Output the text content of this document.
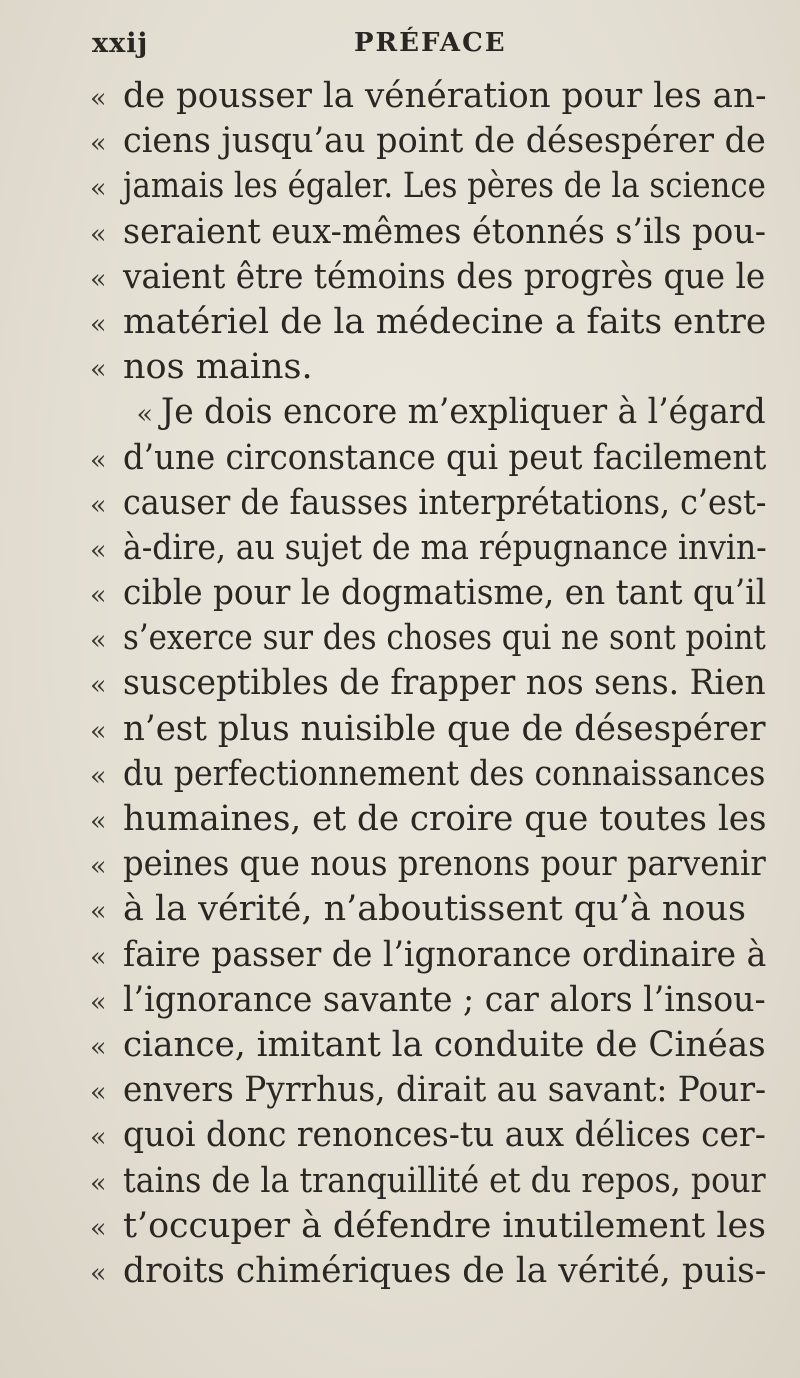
xxij	PRÉFACE
« de pousser la vénération pour les an-
« ciens jusqu’au point de désespérer de
« jamais les égaler. Les pères de la science
« seraient eux-mêmes étonnés s’ils pou-
« vaient être témoins des progrès que le
« matériel de la médecine a faits entre
« nos mains.
« Je dois encore m’expliquer à l’égard
« d’une circonstance qui peut facilement
« causer de fausses interprétations, c’est-
« à-dire, au sujet de ma répugnance invin-
« cible pour le dogmatisme, en tant qu’il
« s’exerce sur des choses qui ne sont point
« susceptibles de frapper nos sens. Rien
« n’est plus nuisible que de désespérer
« du perfectionnement des connaissances
« humaines, et de croire que toutes les
« peines que nous prenons pour parvenir
« à la vérité, n’aboutissent qu’à nous
« faire passer de l’ignorance ordinaire à
« l’ignorance savante ; car alors l’insou-
« ciance, imitant la conduite de Cinéas
« envers Pyrrhus, dirait au savant: Pour-
« quoi donc renonces-tu aux délices cer-
« tains de la tranquillité et du repos, pour
« t’occuper à défendre inutilement les
« droits chimériques de la vérité, puis-
